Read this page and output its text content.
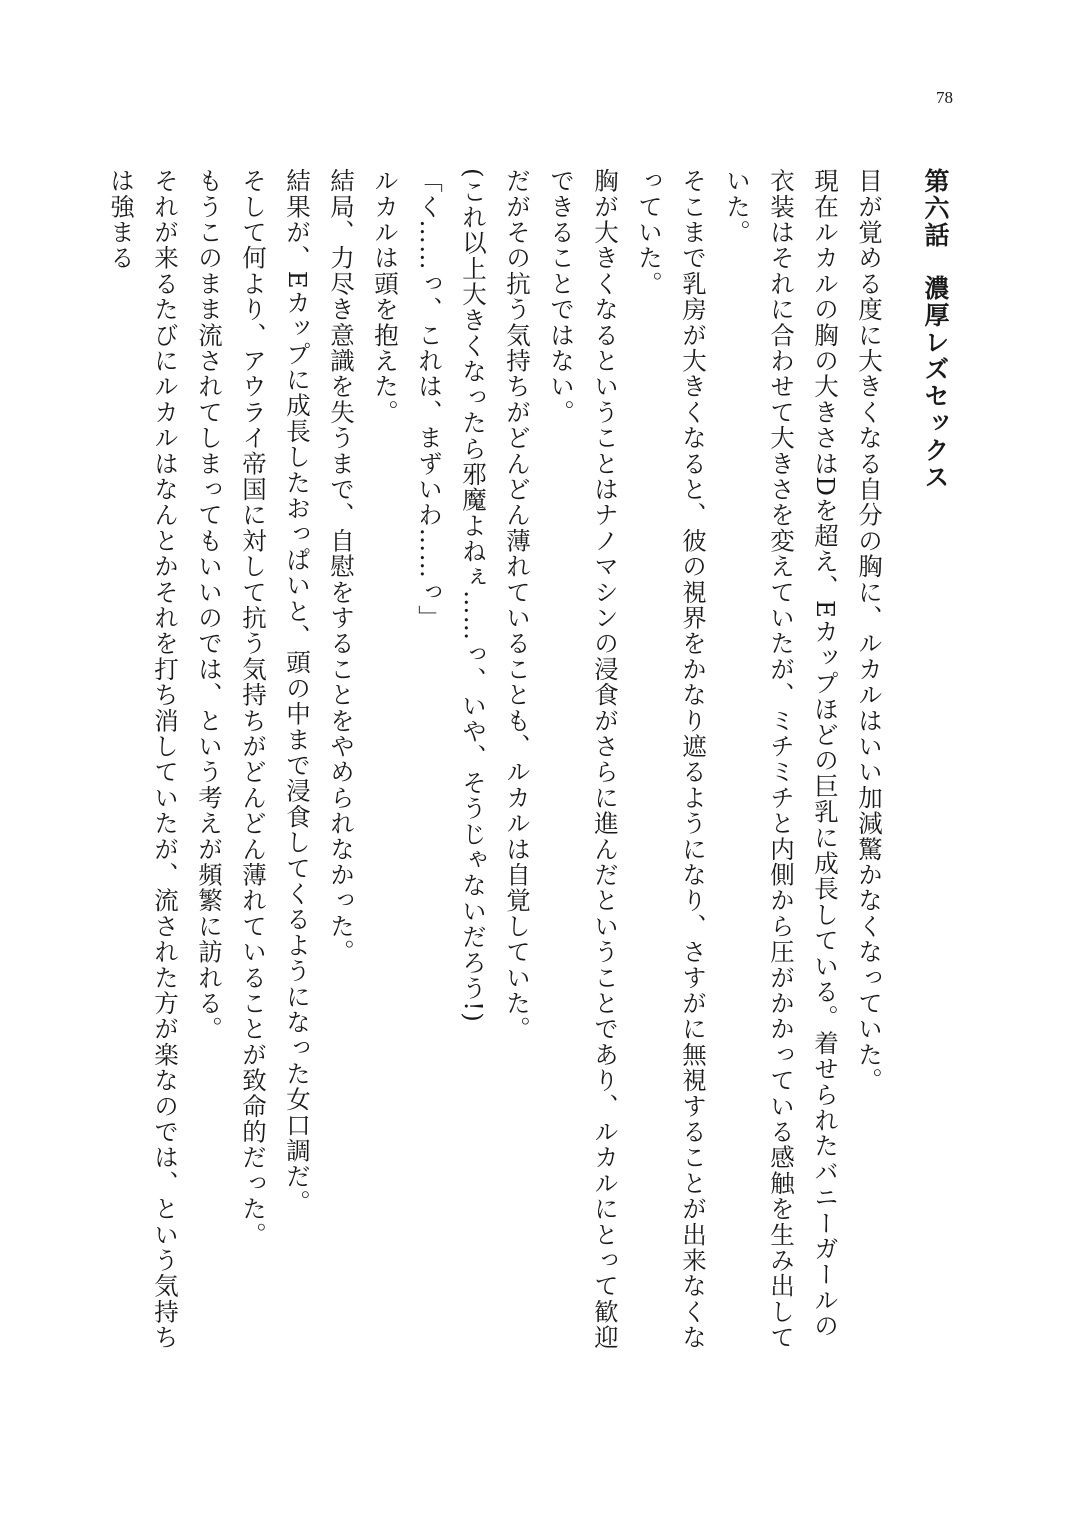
78
第六話濃厚レズセックス

目が覚める度に大きくなる自分の胸に、ルカルはいい加減驚かなくなっていた。

現在ルカルの胸の大きさはDを超え、Eカップほどの巨乳に成長している。着せられたバニーガールの衣装はそれに合わせて大きさを変えていたが、ミチミチと内側から圧がかかっている感触を生み出していた。

そこまで乳房が大きくなると、彼の視界をかなり遮るようになり、さすがに無視することが出来なくなっていた。

胸が大きくなるということはナノマシンの浸食がさらに進んだということであり、ルカルにとって歓迎できることではない。

だがその抗う気持ちがどんどん薄れていることも、ルカルは自覚していた。

(これ以上大きくなったら邪魔よねぇ……っ、いや、そうじゃないだろう!)

「く……っ、これは、まずいわ……っ」

ルカルは頭を抱えた。

結局、力尽き意識を失うまで、自慰をすることをやめられなかった。

結果が、Eカップに成長したおっぱいと、頭の中まで浸食してくるようになった女口調だ。

そして何より、アウライ帝国に対して抗う気持ちがどんどん薄れていることが致命的だった。

もうこのまま流されてしまってもいいのでは、という考えが頻繁に訪れる。

それが来るたびにルカルはなんとかそれを打ち消していたが、流された方が楽なのでは、という気持ちは強まる
